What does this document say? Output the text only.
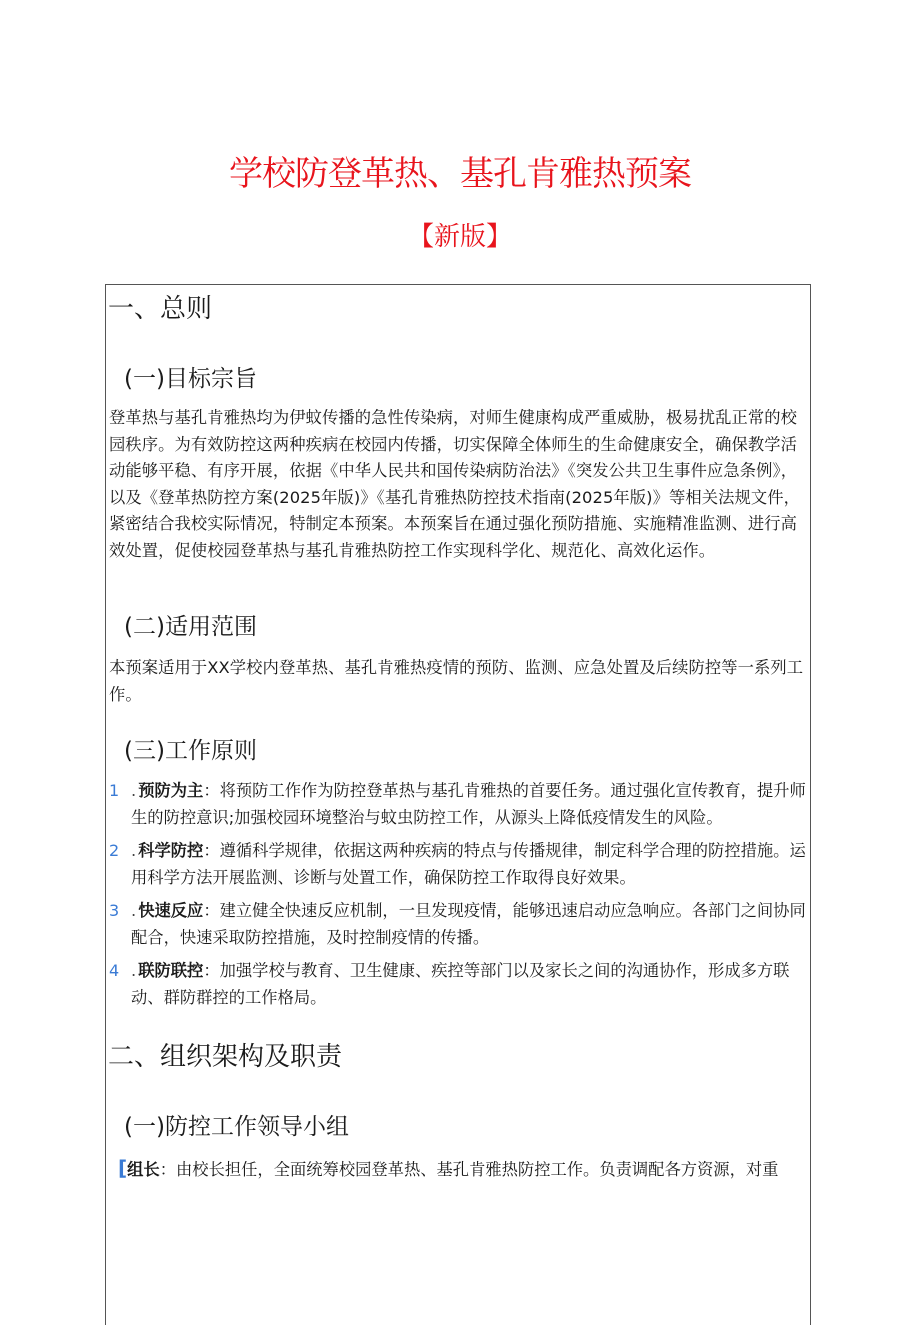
学校防登革热、基孔肯雅热预案
【新版】
一、总则
(一)目标宗旨

登革热与基孔肯雅热均为伊蚊传播的急性传染病，对师生健康构成严重威胁，极易扰乱正常的校园秩序。为有效防控这两种疾病在校园内传播，切实保障全体师生的生命健康安全，确保教学活动能够平稳、有序开展，依据《中华人民共和国传染病防治法》《突发公共卫生事件应急条例》，以及《登革热防控方案(2025年版)》《基孔肯雅热防控技术指南(2025年版)》等相关法规文件，紧密结合我校实际情况，特制定本预案。本预案旨在通过强化预防措施、实施精准监测、进行高效处置，促使校园登革热与基孔肯雅热防控工作实现科学化、规范化、高效化运作。

(二)适用范围

本预案适用于XX学校内登革热、基孔肯雅热疫情的预防、监测、应急处置及后续防控等一系列工作。

(三)工作原则
1 . 预防为主：将预防工作作为防控登革热与基孔肯雅热的首要任务。通过强化宣传教育，提升师生的防控意识;加强校园环境整治与蚊虫防控工作，从源头上降低疫情发生的风险。
2 . 科学防控：遵循科学规律，依据这两种疾病的特点与传播规律，制定科学合理的防控措施。运用科学方法开展监测、诊断与处置工作，确保防控工作取得良好效果。
3 . 快速反应：建立健全快速反应机制，一旦发现疫情，能够迅速启动应急响应。各部门之间协同配合，快速采取防控措施，及时控制疫情的传播。
4 . 联防联控：加强学校与教育、卫生健康、疾控等部门以及家长之间的沟通协作，形成多方联动、群防群控的工作格局。
二、组织架构及职责
(一)防控工作领导小组
[组长：由校长担任，全面统筹校园登革热、基孔肯雅热防控工作。负责调配各方资源，对重
